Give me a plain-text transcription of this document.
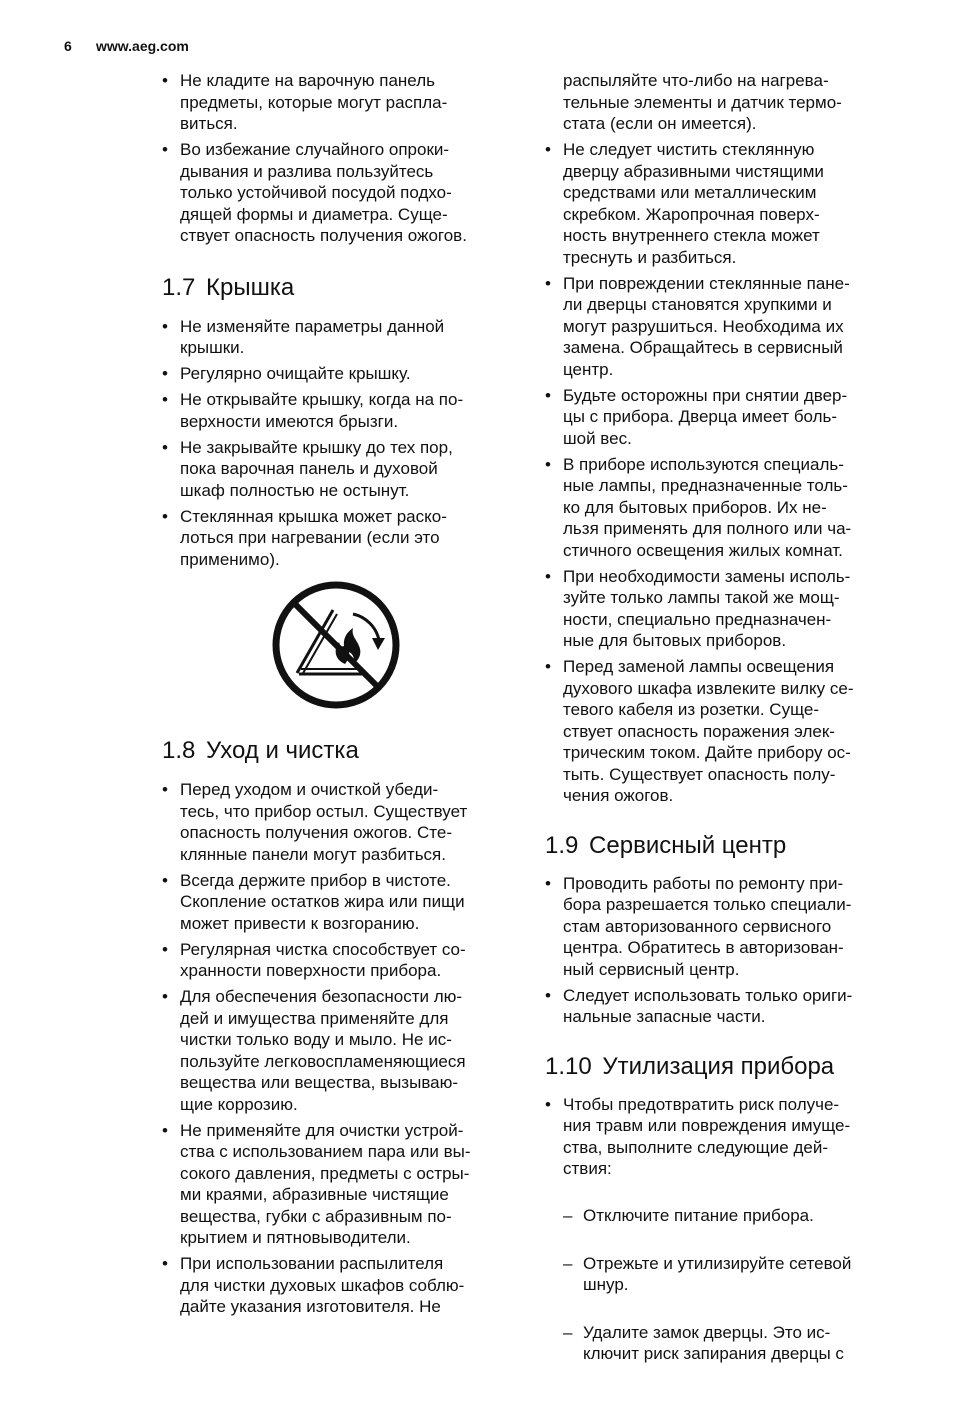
6 www.aeg.com
• Не кладите на варочную панель
предметы, которые могут распла-
виться.
• Во избежание случайного опроки-
дывания и разлива пользуйтесь
только устойчивой посудой подхо-
дящей формы и диаметра. Суще-
ствует опасность получения ожогов.
1.7 Крышка
• Не изменяйте параметры данной
крышки.
• Регулярно очищайте крышку.
• Не открывайте крышку, когда на по-
верхности имеются брызги.
• Не закрывайте крышку до тех пор,
пока варочная панель и духовой
шкаф полностью не остынут.
• Стеклянная крышка может раско-
лоться при нагревании (если это
применимо).
1.8 Уход и чистка
• Перед уходом и очисткой убеди-
тесь, что прибор остыл. Существует
опасность получения ожогов. Сте-
клянные панели могут разбиться.
• Всегда держите прибор в чистоте.
Скопление остатков жира или пищи
может привести к возгоранию.
• Регулярная чистка способствует со-
хранности поверхности прибора.
• Для обеспечения безопасности лю-
дей и имущества применяйте для
чистки только воду и мыло. Не ис-
пользуйте легковоспламеняющиеся
вещества или вещества, вызываю-
щие коррозию.
• Не применяйте для очистки устрой-
ства с использованием пара или вы-
сокого давления, предметы с остры-
ми краями, абразивные чистящие
вещества, губки с абразивным по-
крытием и пятновыводители.
• При использовании распылителя
для чистки духовых шкафов соблю-
дайте указания изготовителя. Не
распыляйте что-либо на нагрева-
тельные элементы и датчик термо-
стата (если он имеется).
• Не следует чистить стеклянную
дверцу абразивными чистящими
средствами или металлическим
скребком. Жаропрочная поверх-
ность внутреннего стекла может
треснуть и разбиться.
• При повреждении стеклянные пане-
ли дверцы становятся хрупкими и
могут разрушиться. Необходима их
замена. Обращайтесь в сервисный
центр.
• Будьте осторожны при снятии двер-
цы с прибора. Дверца имеет боль-
шой вес.
• В приборе используются специаль-
ные лампы, предназначенные толь-
ко для бытовых приборов. Их не-
льзя применять для полного или ча-
стичного освещения жилых комнат.
• При необходимости замены исполь-
зуйте только лампы такой же мощ-
ности, специально предназначен-
ные для бытовых приборов.
• Перед заменой лампы освещения
духового шкафа извлеките вилку се-
тевого кабеля из розетки. Суще-
ствует опасность поражения элек-
трическим током. Дайте прибору ос-
тыть. Существует опасность полу-
чения ожогов.
1.9 Сервисный центр
• Проводить работы по ремонту при-
бора разрешается только специали-
стам авторизованного сервисного
центра. Обратитесь в авторизован-
ный сервисный центр.
• Следует использовать только ориги-
нальные запасные части.
1.10 Утилизация прибора
• Чтобы предотвратить риск получе-
ния травм или повреждения имуще-
ства, выполните следующие дей-
ствия:

– Отключите питание прибора.

– Отрежьте и утилизируйте сетевой
шнур.

– Удалите замок дверцы. Это ис-
ключит риск запирания дверцы с
